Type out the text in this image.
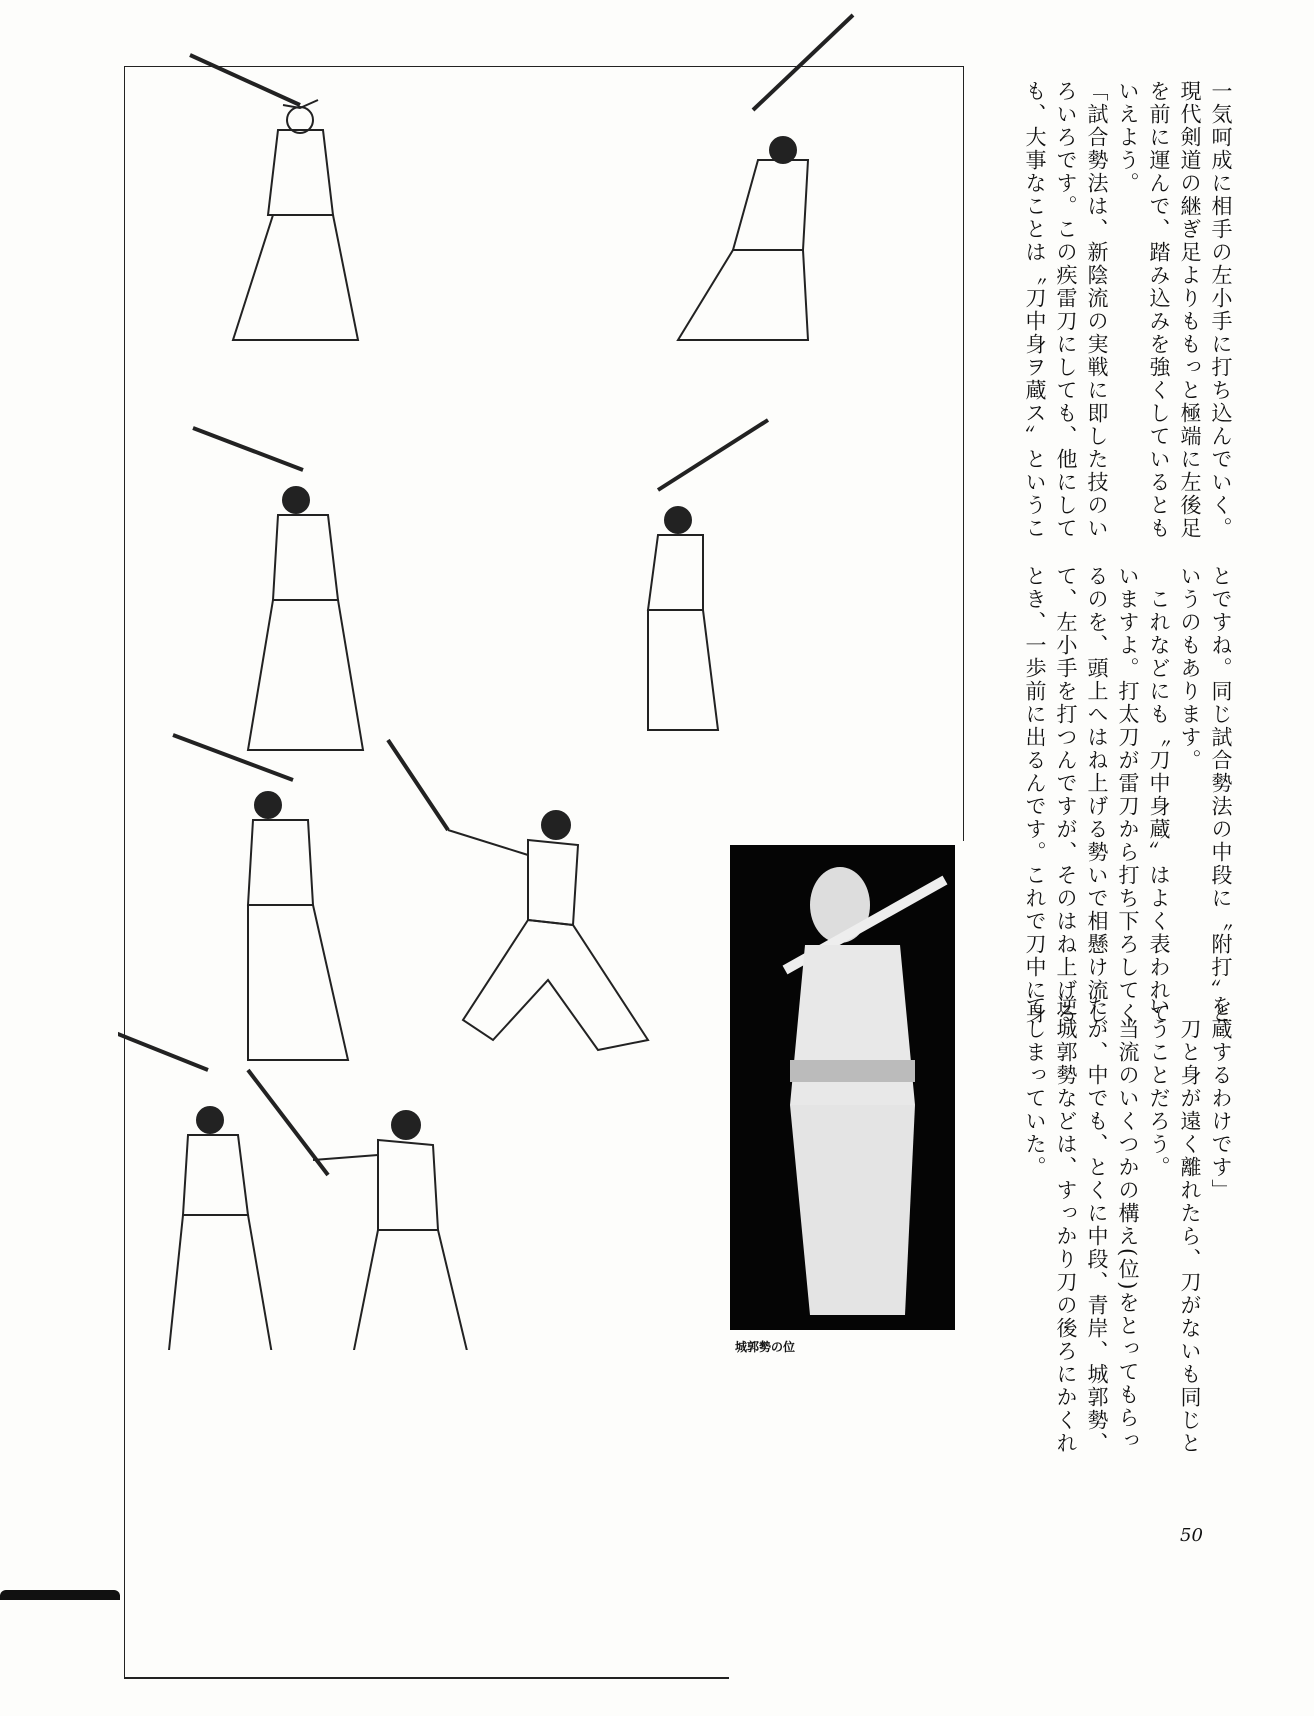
一気呵成に相手の左小手に打ち込んでいく。
現代剣道の継ぎ足よりももっと極端に左後足
を前に運んで、踏み込みを強くしているとも
いえよう。
「試合勢法は、新陰流の実戦に即した技のい
ろいろです。この疾雷刀にしても、他にして
も、大事なことは〝刀中身ヲ蔵ス〟というこ
とですね。同じ試合勢法の中段に〝附打〟と
いうのもあります。
　これなどにも〝刀中身蔵〟はよく表われて
いますよ。打太刀が雷刀から打ち下ろしてく
るのを、頭上へはね上げる勢いで相懸け流し
て、左小手を打つんですが、そのはね上げる
とき、一歩前に出るんです。これで刀中に身
を蔵するわけです」
　刀と身が遠く離れたら、刀がないも同じと
いうことだろう。
　当流のいくつかの構え(位)をとってもらっ
たが、中でも、とくに中段、青岸、城郭勢、
逆城郭勢などは、すっかり刀の後ろにかくれ
てしまっていた。
城郭勢の位
50
